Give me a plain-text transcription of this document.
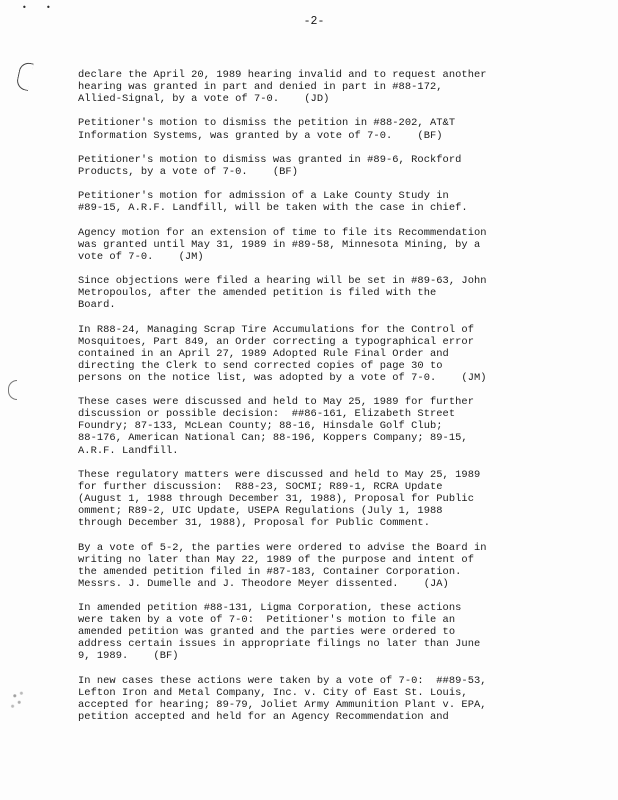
• •
-2-

declare the April 20, 1989 hearing invalid and to request another
hearing was granted in part and denied in part in #88-172,
Allied-Signal, by a vote of 7-0.    (JD)

Petitioner's motion to dismiss the petition in #88-202, AT&T
Information Systems, was granted by a vote of 7-0.    (BF)

Petitioner's motion to dismiss was granted in #89-6, Rockford
Products, by a vote of 7-0.    (BF)

Petitioner's motion for admission of a Lake County Study in
#89-15, A.R.F. Landfill, will be taken with the case in chief.

Agency motion for an extension of time to file its Recommendation
was granted until May 31, 1989 in #89-58, Minnesota Mining, by a
vote of 7-0.    (JM)

Since objections were filed a hearing will be set in #89-63, John
Metropoulos, after the amended petition is filed with the
Board.

In R88-24, Managing Scrap Tire Accumulations for the Control of
Mosquitoes, Part 849, an Order correcting a typographical error
contained in an April 27, 1989 Adopted Rule Final Order and
directing the Clerk to send corrected copies of page 30 to
persons on the notice list, was adopted by a vote of 7-0.    (JM)

These cases were discussed and held to May 25, 1989 for further
discussion or possible decision:  ##86-161, Elizabeth Street
Foundry; 87-133, McLean County; 88-16, Hinsdale Golf Club;
88-176, American National Can; 88-196, Koppers Company; 89-15,
A.R.F. Landfill.

These regulatory matters were discussed and held to May 25, 1989
for further discussion:  R88-23, SOCMI; R89-1, RCRA Update
(August 1, 1988 through December 31, 1988), Proposal for Public
omment; R89-2, UIC Update, USEPA Regulations (July 1, 1988
through December 31, 1988), Proposal for Public Comment.

By a vote of 5-2, the parties were ordered to advise the Board in
writing no later than May 22, 1989 of the purpose and intent of
the amended petition filed in #87-183, Container Corporation.
Messrs. J. Dumelle and J. Theodore Meyer dissented.    (JA)

In amended petition #88-131, Ligma Corporation, these actions
were taken by a vote of 7-0:  Petitioner's motion to file an
amended petition was granted and the parties were ordered to
address certain issues in appropriate filings no later than June
9, 1989.    (BF)

In new cases these actions were taken by a vote of 7-0:  ##89-53,
Lefton Iron and Metal Company, Inc. v. City of East St. Louis,
accepted for hearing; 89-79, Joliet Army Ammunition Plant v. EPA,
petition accepted and held for an Agency Recommendation and
